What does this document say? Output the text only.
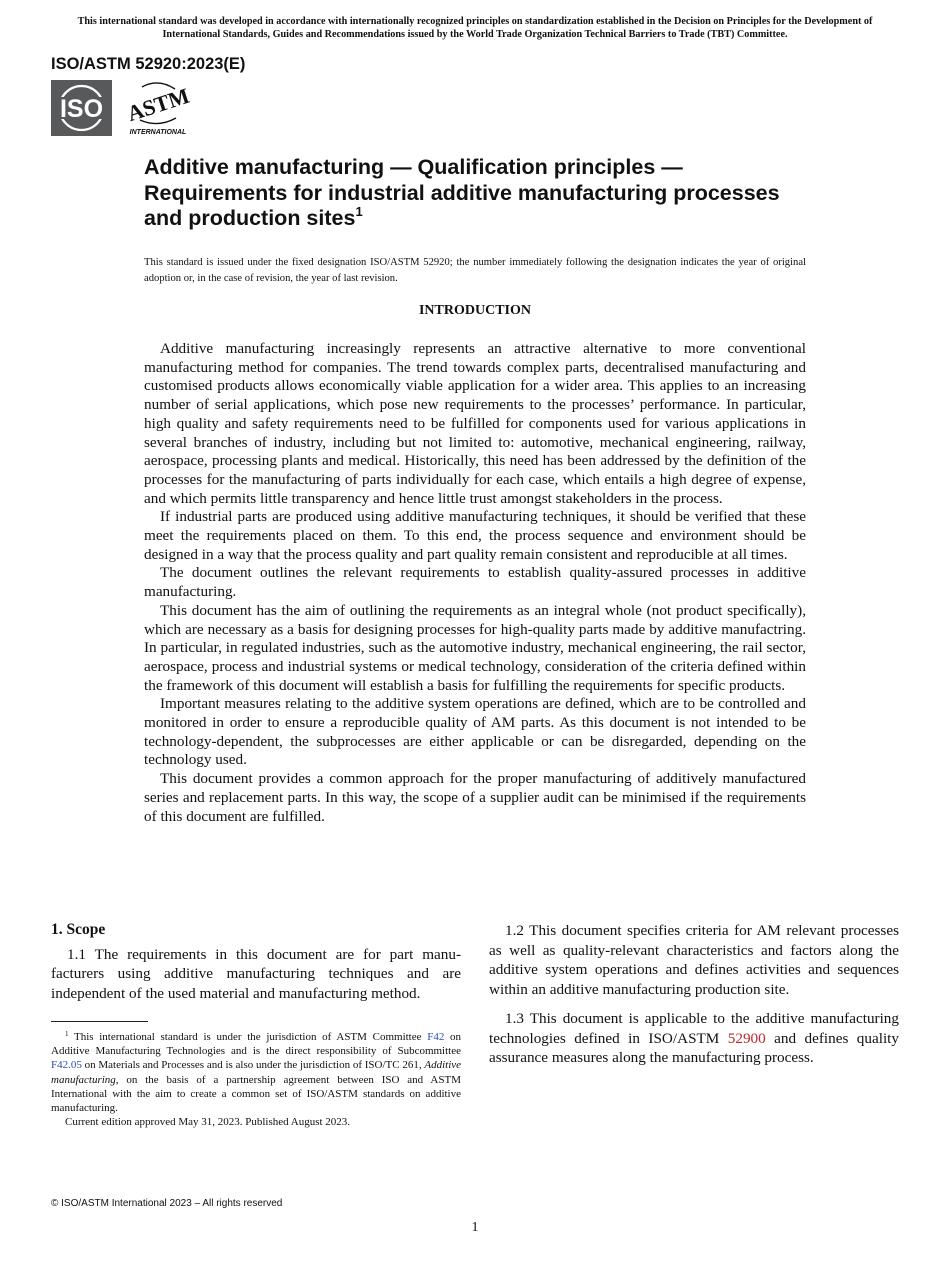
This international standard was developed in accordance with internationally recognized principles on standardization established in the Decision on Principles for the Development of International Standards, Guides and Recommendations issued by the World Trade Organization Technical Barriers to Trade (TBT) Committee.
ISO/ASTM 52920:2023(E)
ISO ASTM
INTERNATIONAL
Additive manufacturing — Qualification principles — Requirements for industrial additive manufacturing processes and production sites$^1$
This standard is issued under the fixed designation ISO/ASTM 52920; the number immediately following the designation indicates the year of original adoption or, in the case of revision, the year of last revision.
INTRODUCTION

Additive manufacturing increasingly represents an attractive alternative to more conventional manufacturing method for companies. The trend towards complex parts, decentralised manufacturing and customised products allows economically viable application for a wider area. This applies to an increasing number of serial applications, which pose new requirements to the processes’ performance. In particular, high quality and safety requirements need to be fulfilled for components used for various applications in several branches of industry, including but not limited to: automotive, mechanical engineering, railway, aerospace, processing plants and medical. Historically, this need has been addressed by the definition of the processes for the manufacturing of parts individually for each case, which entails a high degree of expense, and which permits little transparency and hence little trust amongst stakeholders in the process.

If industrial parts are produced using additive manufacturing techniques, it should be verified that these meet the requirements placed on them. To this end, the process sequence and environment should be designed in a way that the process quality and part quality remain consistent and reproducible at all times.

The document outlines the relevant requirements to establish quality-assured processes in additive manufacturing.

This document has the aim of outlining the requirements as an integral whole (not product specifically), which are necessary as a basis for designing processes for high-quality parts made by additive manufactring. In particular, in regulated industries, such as the automotive industry, mechanical engineering, the rail sector, aerospace, process and industrial systems or medical technology, consideration of the criteria defined within the framework of this document will establish a basis for fulfilling the requirements for specific products.

Important measures relating to the additive system operations are defined, which are to be controlled and monitored in order to ensure a reproducible quality of AM parts. As this document is not intended to be technology-dependent, the subprocesses are either applicable or can be disregarded, depending on the technology used.

This document provides a common approach for the proper manufacturing of additively manufactured series and replacement parts. In this way, the scope of a supplier audit can be minimised if the requirements of this document are fulfilled.

1. Scope

1.1 The requirements in this document are for part manufacturers using additive manufacturing techniques and are independent of the used material and manufacturing method.

1.2 This document specifies criteria for AM relevant processes as well as quality-relevant characteristics and factors along the additive system operations and defines activities and sequences within an additive manufacturing production site.

1.3 This document is applicable to the additive manufacturing technologies defined in ISO/ASTM 52900 and defines quality assurance measures along the manufacturing process.

$^1$ This international standard is under the jurisdiction of ASTM Committee F42 on Additive Manufacturing Technologies and is the direct responsibility of Subcommittee F42.05 on Materials and Processes and is also under the jurisdiction of ISO/TC 261, Additive manufacturing, on the basis of a partnership agreement between ISO and ASTM International with the aim to create a common set of ISO/ASTM standards on additive manufacturing.

Current edition approved May 31, 2023. Published August 2023.

© ISO/ASTM International 2023 – All rights reserved
1
